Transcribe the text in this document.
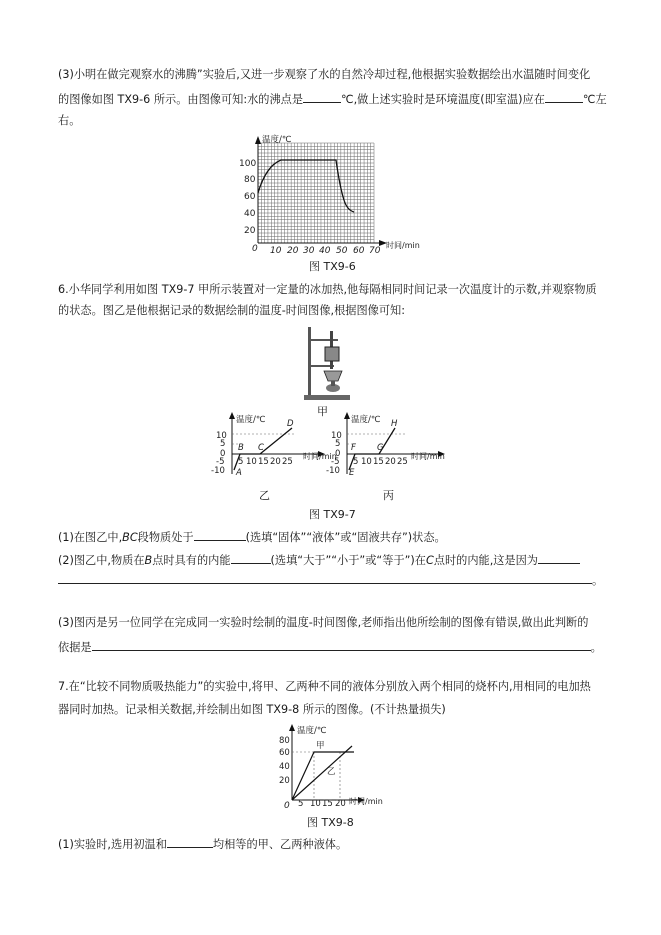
(3)小明在做完观察水的沸腾”实验后,又进一步观察了水的自然冷却过程,他根据实验数据绘出水温随时间变化
的图像如图 TX9-6 所示。由图像可知:水的沸点是	℃,做上述实验时是环境温度(即室温)应在	℃左
右。
温度/℃
时间/min
0
100
80
60
40
20
10 20 30 40 50 60 70
图 TX9-6
6.小华同学利用如图 TX9-7 甲所示装置对一定量的冰加热,他每隔相同时间记录一次温度计的示数,并观察物质
的状态。图乙是他根据记录的数据绘制的温度-时间图像,根据图像可知:
甲
温度/℃
时间/min
10
5
0
-5
-10
5 10 15 20 25
A
B C
D
乙
温度/℃
时间/min
10
5
0
-5
-10
5 10 15 20 25
E
F G
H
丙
图 TX9-7
(1)在图乙中,BC段物质处于	(选填“固体”“液体”或“固液共存”)状态。
(2)图乙中,物质在B点时具有的内能	(选填“大于”“小于”或“等于”)在C点时的内能,这是因为
。
(3)图丙是另一位同学在完成同一实验时绘制的温度-时间图像,老师指出他所绘制的图像有错误,做出此判断的
依据是	。
7.在“比较不同物质吸热能力”的实验中,将甲、乙两种不同的液体分别放入两个相同的烧杯内,用相同的电加热
器同时加热。记录相关数据,并绘制出如图 TX9-8 所示的图像。(不计热量损失)
温度/℃
时间/min
0
80
60
40
20
5 10 15 20
甲
乙
图 TX9-8
(1)实验时,选用初温和	均相等的甲、乙两种液体。
